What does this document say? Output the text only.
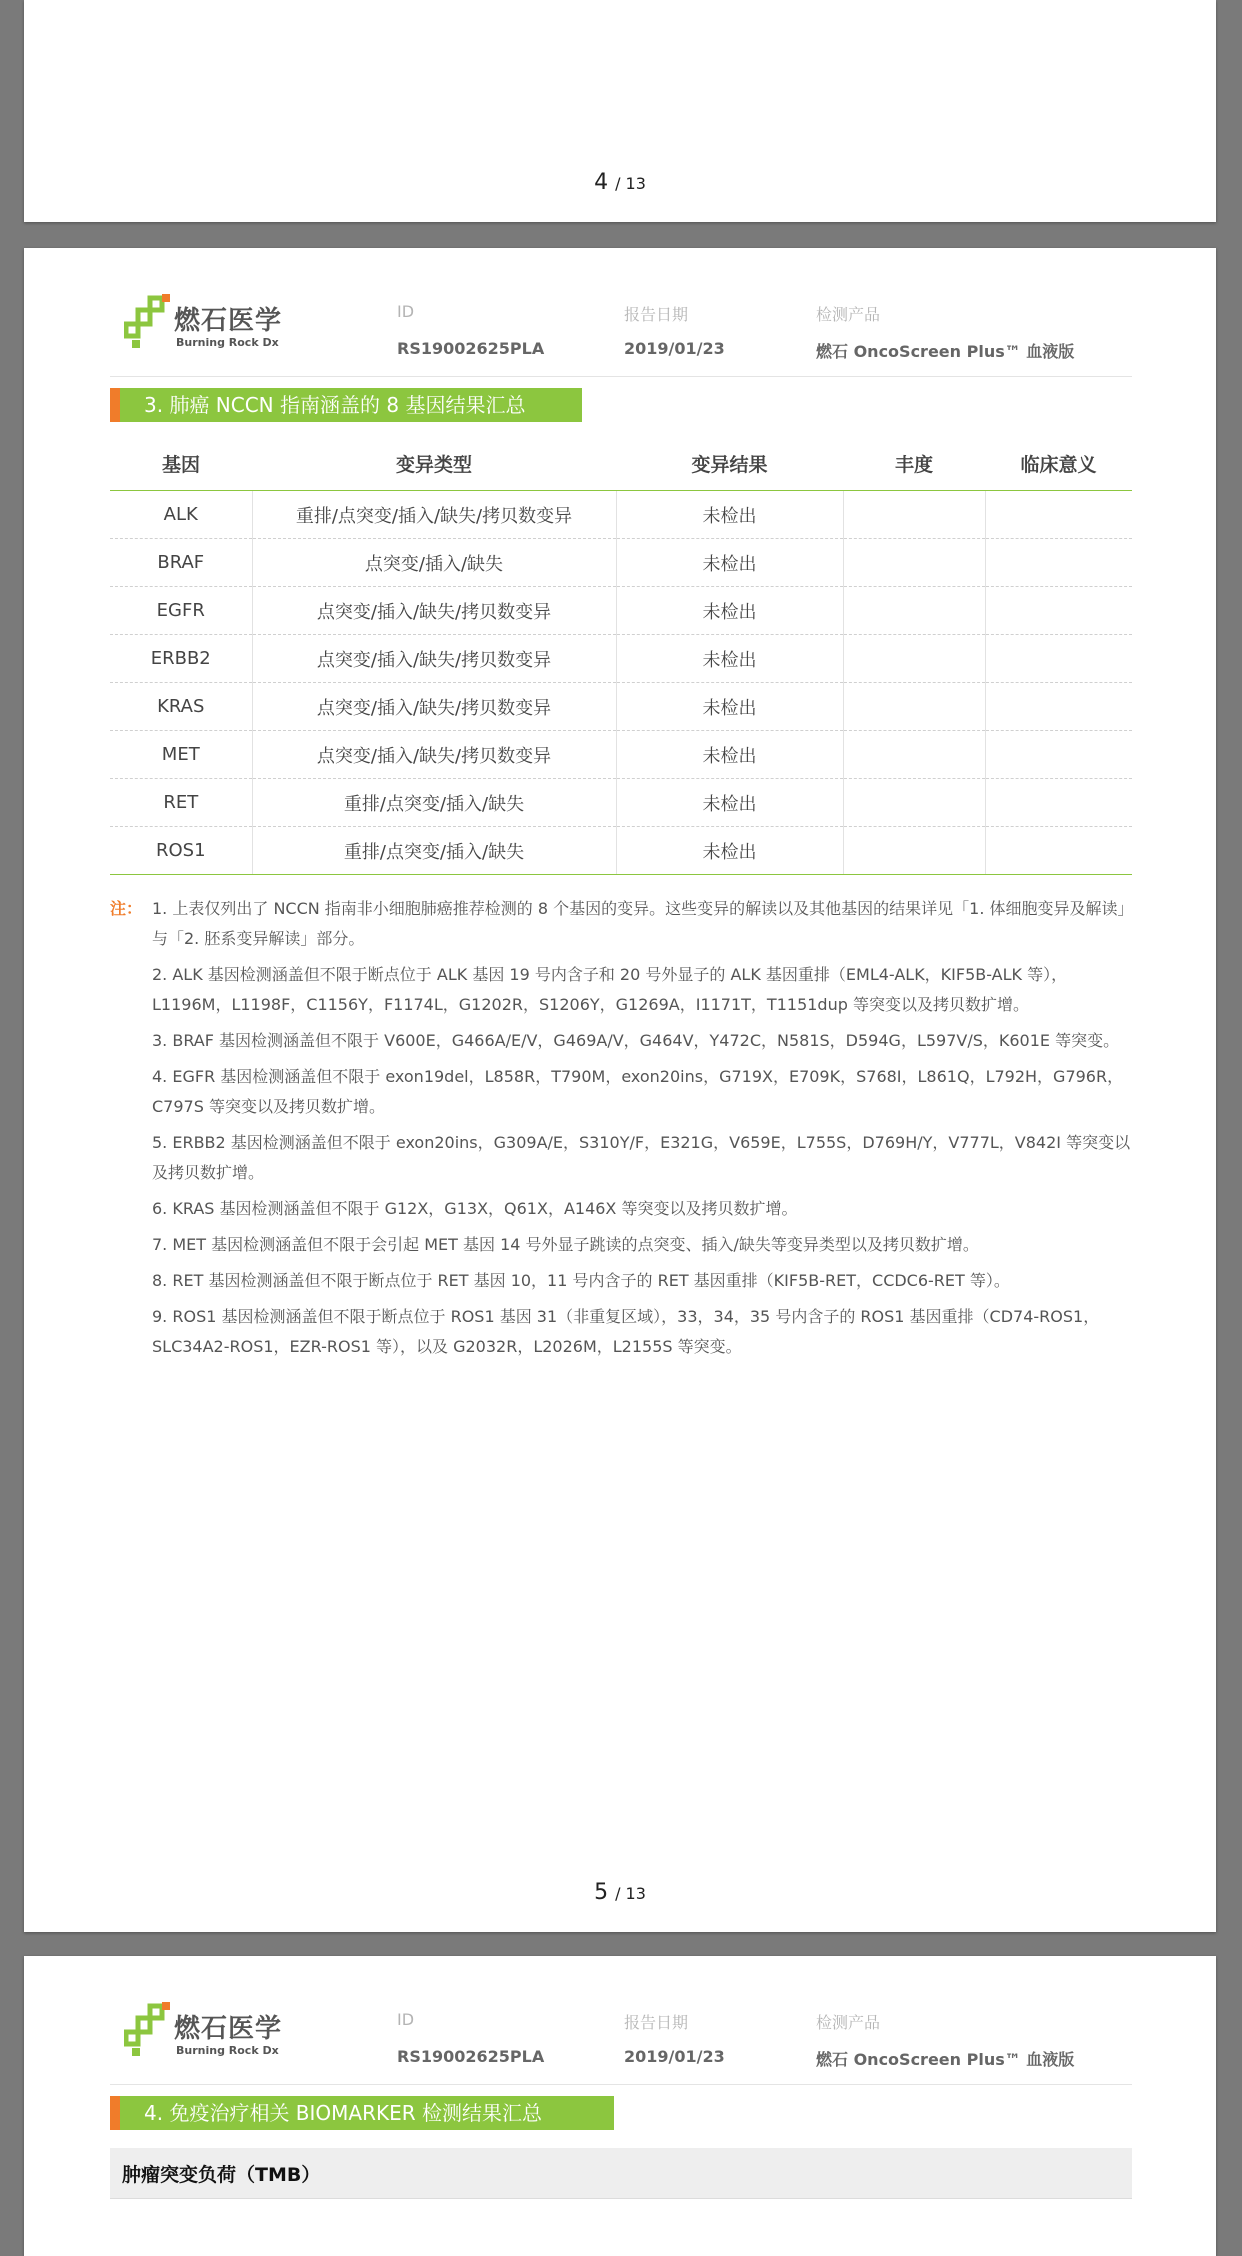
4 / 13
燃石医学
Burning Rock Dx
ID
RS19002625PLA
报告日期
2019/01/23
检测产品
燃石 OncoScreen Plus™ 血液版
3. 肺癌 NCCN 指南涵盖的 8 基因结果汇总
基因	变异类型	变异结果	丰度	临床意义
ALK	重排/点突变/插入/缺失/拷贝数变异	未检出		
BRAF	点突变/插入/缺失	未检出		
EGFR	点突变/插入/缺失/拷贝数变异	未检出		
ERBB2	点突变/插入/缺失/拷贝数变异	未检出		
KRAS	点突变/插入/缺失/拷贝数变异	未检出		
MET	点突变/插入/缺失/拷贝数变异	未检出		
RET	重排/点突变/插入/缺失	未检出		
ROS1	重排/点突变/插入/缺失	未检出		
注： 1. 上表仅列出了 NCCN 指南非小细胞肺癌推荐检测的 8 个基因的变异。这些变异的解读以及其他基因的结果详见「1. 体细胞变异及解读」与「2. 胚系变异解读」部分。
2. ALK 基因检测涵盖但不限于断点位于 ALK 基因 19 号内含子和 20 号外显子的 ALK 基因重排（EML4-ALK，KIF5B-ALK 等），L1196M，L1198F，C1156Y，F1174L，G1202R，S1206Y，G1269A，I1171T，T1151dup 等突变以及拷贝数扩增。
3. BRAF 基因检测涵盖但不限于 V600E，G466A/E/V，G469A/V，G464V，Y472C，N581S，D594G，L597V/S，K601E 等突变。
4. EGFR 基因检测涵盖但不限于 exon19del，L858R，T790M，exon20ins，G719X，E709K，S768I，L861Q，L792H，G796R，C797S 等突变以及拷贝数扩增。
5. ERBB2 基因检测涵盖但不限于 exon20ins，G309A/E，S310Y/F，E321G，V659E，L755S，D769H/Y，V777L，V842I 等突变以及拷贝数扩增。
6. KRAS 基因检测涵盖但不限于 G12X，G13X，Q61X，A146X 等突变以及拷贝数扩增。
7. MET 基因检测涵盖但不限于会引起 MET 基因 14 号外显子跳读的点突变、插入/缺失等变异类型以及拷贝数扩增。
8. RET 基因检测涵盖但不限于断点位于 RET 基因 10，11 号内含子的 RET 基因重排（KIF5B-RET，CCDC6-RET 等）。
9. ROS1 基因检测涵盖但不限于断点位于 ROS1 基因 31（非重复区域），33，34，35 号内含子的 ROS1 基因重排（CD74-ROS1，SLC34A2-ROS1，EZR-ROS1 等），以及 G2032R，L2026M，L2155S 等突变。
5 / 13
燃石医学
Burning Rock Dx
ID
RS19002625PLA
报告日期
2019/01/23
检测产品
燃石 OncoScreen Plus™ 血液版
4. 免疫治疗相关 BIOMARKER 检测结果汇总
肿瘤突变负荷（TMB）
